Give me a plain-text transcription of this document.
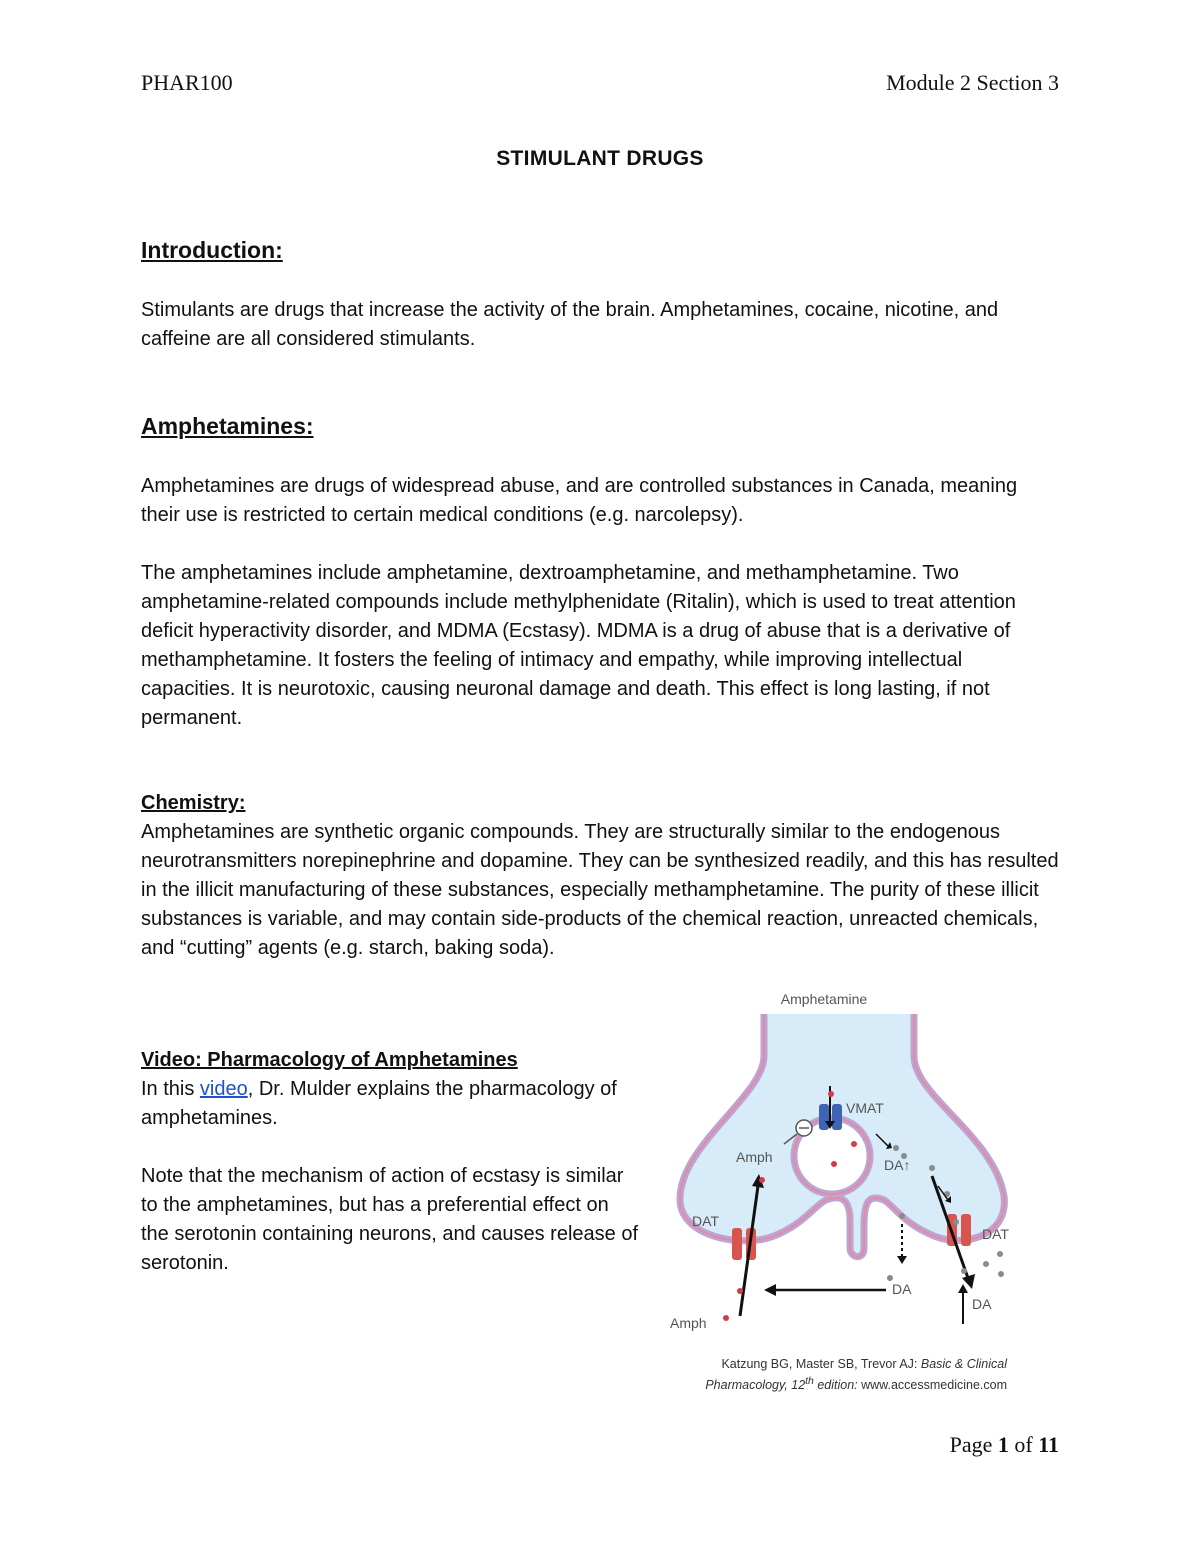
PHAR100	Module 2 Section 3
STIMULANT DRUGS
Introduction:

Stimulants are drugs that increase the activity of the brain. Amphetamines, cocaine, nicotine, and caffeine are all considered stimulants.

Amphetamines:

Amphetamines are drugs of widespread abuse, and are controlled substances in Canada, meaning their use is restricted to certain medical conditions (e.g. narcolepsy).

The amphetamines include amphetamine, dextroamphetamine, and methamphetamine. Two amphetamine-related compounds include methylphenidate (Ritalin), which is used to treat attention deficit hyperactivity disorder, and MDMA (Ecstasy). MDMA is a drug of abuse that is a derivative of methamphetamine. It fosters the feeling of intimacy and empathy, while improving intellectual capacities. It is neurotoxic, causing neuronal damage and death. This effect is long lasting, if not permanent.

Chemistry:
Amphetamines are synthetic organic compounds. They are structurally similar to the endogenous neurotransmitters norepinephrine and dopamine. They can be synthesized readily, and this has resulted in the illicit manufacturing of these substances, especially methamphetamine. The purity of these illicit substances is variable, and may contain side-products of the chemical reaction, unreacted chemicals, and “cutting” agents (e.g. starch, baking soda).
Video: Pharmacology of Amphetamines
In this video, Dr. Mulder explains the pharmacology of amphetamines.

Note that the mechanism of action of ecstasy is similar to the amphetamines, but has a preferential effect on the serotonin containing neurons, and causes release of serotonin.

Amphetamine
VMAT
Amph	DA↑
DAT
DAT
DA
DA
Amph
Katzung BG, Master SB, Trevor AJ: Basic & Clinical
Pharmacology, 12th edition: www.accessmedicine.com
Page 1 of 11
